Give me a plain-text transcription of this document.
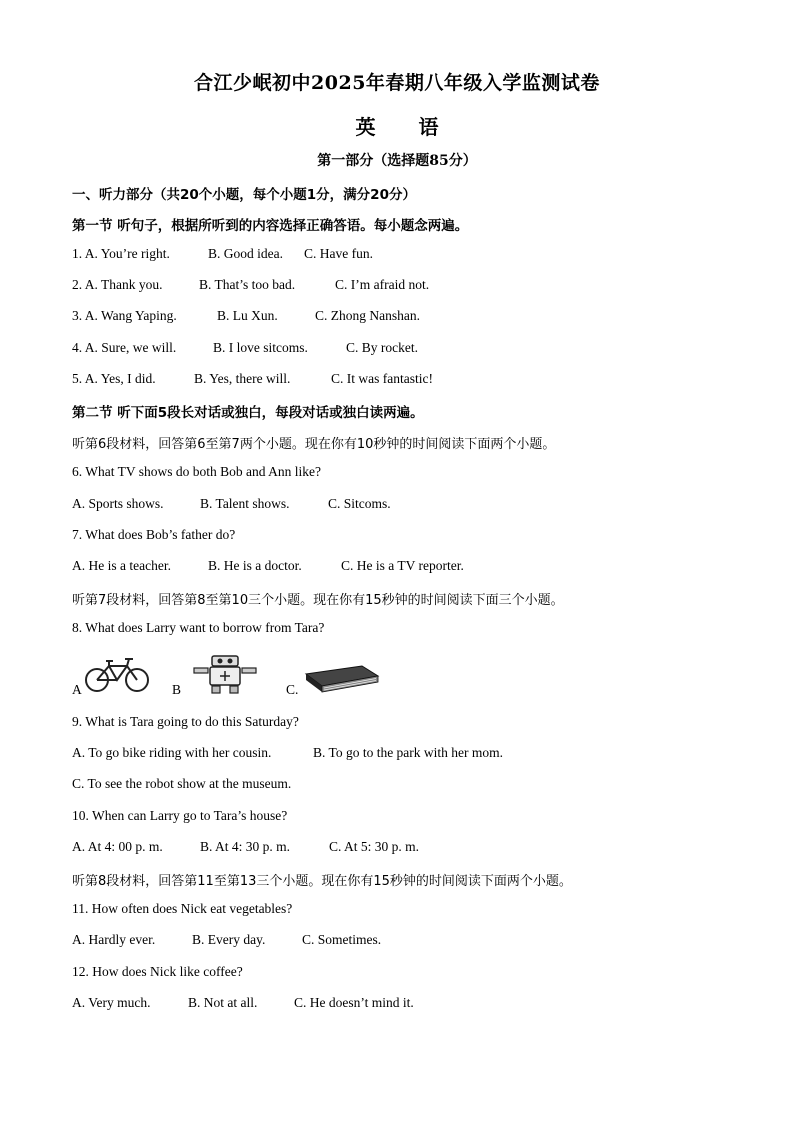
合江少岷初中2025年春期八年级入学监测试卷
英 语
第一部分（选择题85分）
一、听力部分（共20个小题，每个小题1分，满分20分）
第一节 听句子，根据所听到的内容选择正确答语。每小题念两遍。
1. A. You’re right.	B. Good idea. C. Have fun.
2. A. Thank you.	B. That’s too bad.	C. I’m afraid not.
3. A. Wang Yaping.	B. Lu Xun.	C. Zhong Nanshan.
4. A. Sure, we will.	B. I love sitcoms.	C. By rocket.
5. A. Yes, I did.	B. Yes, there will.	C. It was fantastic!
第二节 听下面5段长对话或独白，每段对话或独白读两遍。
听第6段材料，回答第6至第7两个小题。现在你有10秒钟的时间阅读下面两个小题。
6. What TV shows do both Bob and Ann like?
A. Sports shows.	B. Talent shows.	C. Sitcoms.
7. What does Bob’s father do?
A. He is a teacher.	B. He is a doctor.	C. He is a TV reporter.
听第7段材料，回答第8至第10三个小题。现在你有15秒钟的时间阅读下面三个小题。
8. What does Larry want to borrow from Tara?
A	B	C.
9. What is Tara going to do this Saturday?
A. To go bike riding with her cousin.	B. To go to the park with her mom.
C. To see the robot show at the museum.
10. When can Larry go to Tara’s house?
A. At 4: 00 p. m.	B. At 4: 30 p. m.	C. At 5: 30 p. m.
听第8段材料，回答第11至第13三个小题。现在你有15秒钟的时间阅读下面两个小题。
11. How often does Nick eat vegetables?
A. Hardly ever.	B. Every day.	C. Sometimes.
12. How does Nick like coffee?
A. Very much.	B. Not at all.	C. He doesn’t mind it.
